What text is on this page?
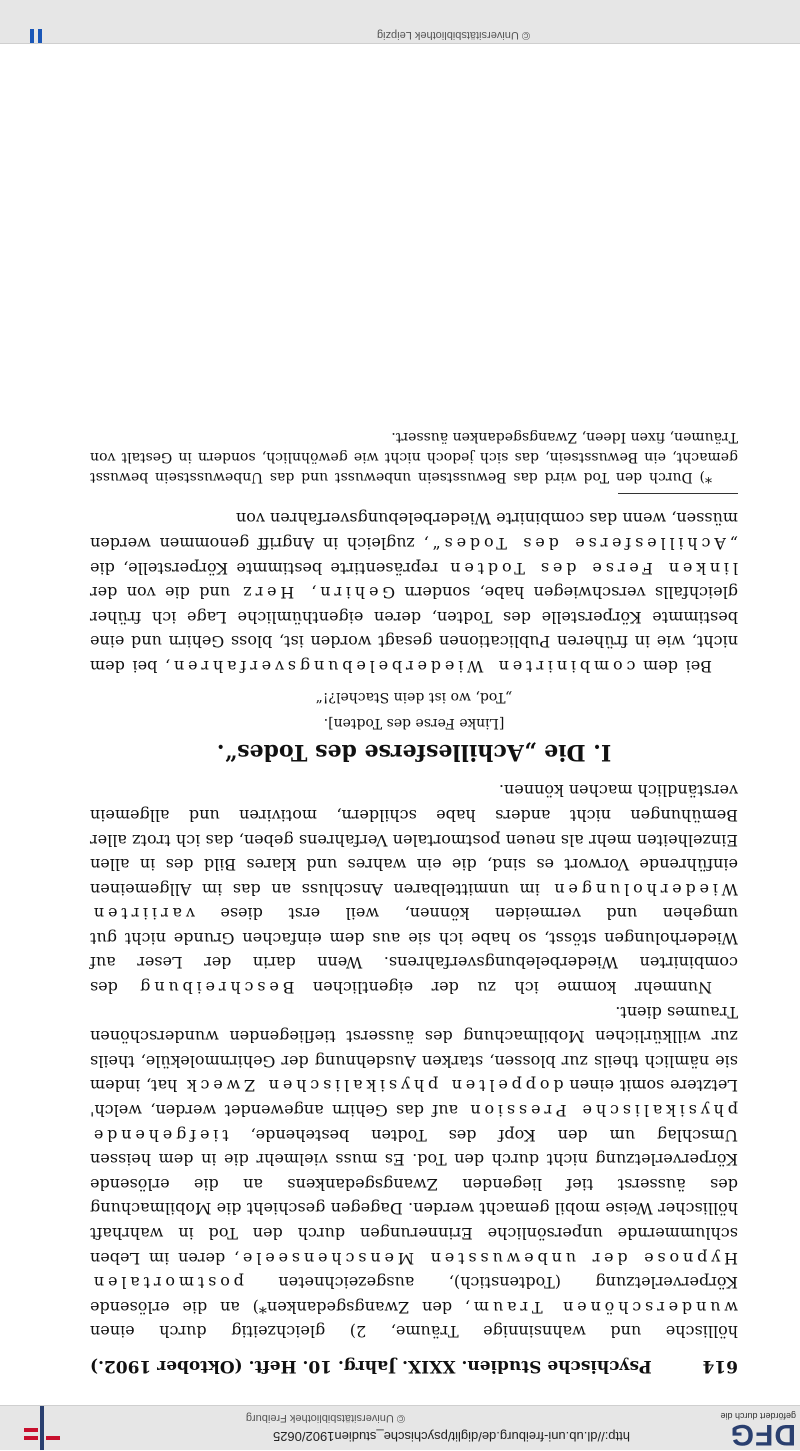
DFG
gefördert durch die
http://dl.ub.uni-freiburg.de/diglit/psychische_studien1902/0625
© Universitätsbibliothek Freiburg
614
Psychische Studien. XXIX. Jahrg. 10. Heft. (Oktober 1902.)

höllische und wahnsinnige Träume, 2) gleichzeitig durch einen wunderschönen Traum, den Zwangsgedanken*) an die erlösende Körperverletzung (Todtenstich), ausgezeichneten postmortalen Hypnose der unbewussten Menschenseele, deren im Leben schlummernde unpersönliche Erinnerungen durch den Tod in wahrhaft höllischer Weise mobil gemacht werden. Dagegen geschieht die Mobilmachung des äusserst tief liegenden Zwangsgedankens an die erlösende Körperverletzung nicht durch den Tod. Es muss vielmehr die in dem heissen Umschlag um den Kopf des Todten bestehende, tiefgehende physikalische Pression auf das Gehirn angewendet werden, welch' Letztere somit einen doppelten physikalischen Zweck hat, indem sie nämlich theils zur blossen, starken Ausdehnung der Gehirnmoleküle, theils zur willkürlichen Mobilmachung des äusserst tiefliegenden wunderschönen Traumes dient.

Nunmehr komme ich zu der eigentlichen Beschreibung des combinirten Wiederbelebungsverfahrens. Wenn darin der Leser auf Wiederholungen stösst, so habe ich sie aus dem einfachen Grunde nicht gut umgehen und vermeiden können, weil erst diese variirten Wiederholungen im unmittelbaren Anschluss an das im Allgemeinen einführende Vorwort es sind, die ein wahres und klares Bild des in allen Einzelheiten mehr als neuen postmortalen Verfahrens geben, das ich trotz aller Bemühungen nicht anders habe schildern, motiviren und allgemein verständlich machen können.

I. Die „Achillesferse des Todes“.
[Linke Ferse des Todten].
„Tod, wo ist dein Stachel?!“

Bei dem combinirten Wiederbelebungsverfahren, bei dem nicht, wie in früheren Publicationen gesagt worden ist, bloss Gehirn und eine bestimmte Körperstelle des Todten, deren eigenthümliche Lage ich früher gleichfalls verschwiegen habe, sondern Gehirn, Herz und die von der linken Ferse des Todten repräsentirte bestimmte Körperstelle, die „Achillesferse des Todes“, zugleich in Angriff genommen werden müssen, wenn das combinirte Wiederbelebungsverfahren von

*) Durch den Tod wird das Bewusstsein unbewusst und das Unbewusstsein bewusst gemacht, ein Bewusstsein, das sich jedoch nicht wie gewöhnlich, sondern in Gestalt von Träumen, fixen Ideen, Zwangsgedanken äussert.

© Universitätsbibliothek Leipzig
